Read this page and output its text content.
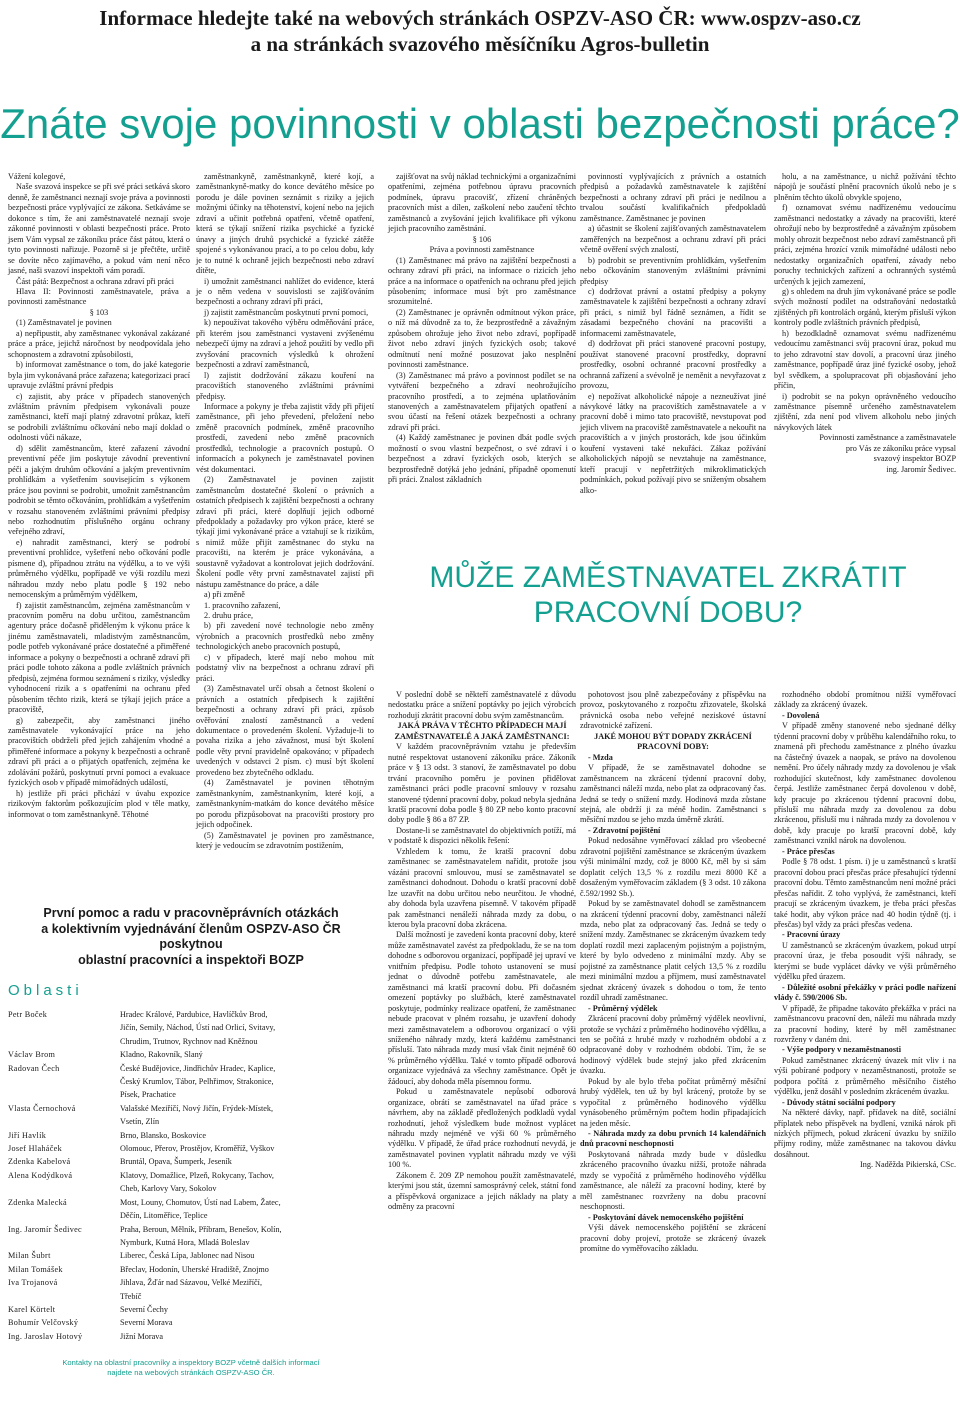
Informace hledejte také na webových stránkách OSPZV-ASO ČR: www.ospzv-aso.cz
a na stránkách svazového měsíčníku Agros-bulletin
Znáte svoje povinnosti v oblasti bezpečnosti práce?

Vážení kolegové,

Naše svazová inspekce se při své práci setkává skoro denně, že zaměstnanci neznají svoje práva a povinnosti bezpečnosti práce vyplývající ze zákona. Setkáváme se dokonce s tím, že ani zaměstnavatelé neznají svoje zákonné povinnosti v oblasti bezpečnosti práce. Proto jsem Vám vypsal ze zákoníku práce část pátou, která o tyto povinnosti nařizuje. Pozorně si je přečtěte, určitě se dovíte něco zajímavého, a pokud vám není něco jasné, naši svazoví inspektoři vám poradí.

Část pátá: Bezpečnost a ochrana zdraví při práci

Hlava II: Povinnosti zaměstnavatele, práva a povinnosti zaměstnance

§ 103

(1) Zaměstnavatel je povinen

a) nepřipustit, aby zaměstnanec vykonával zakázané práce a práce, jejichž náročnost by neodpovídala jeho schopnostem a zdravotní způsobilosti,

b) informovat zaměstnance o tom, do jaké kategorie byla jim vykonávaná práce zařazena; kategorizaci prací upravuje zvláštní právní předpis

c) zajistit, aby práce v případech stanovených zvláštním právním předpisem vykonávali pouze zaměstnanci, kteří mají platný zdravotní průkaz, kteří se podrobili zvláštnímu očkování nebo mají doklad o odolnosti vůči nákaze,

d) sdělit zaměstnancům, které zařazení závodní preventivní péče jim poskytuje závodní preventivní péči a jakým druhům očkování a jakým preventivním prohlídkám a vyšetřením souvisejícím s výkonem práce jsou povinni se podrobit, umožnit zaměstnancům podrobit se těmto očkováním, prohlídkám a vyšetřením v rozsahu stanoveném zvláštními právními předpisy nebo rozhodnutím příslušného orgánu ochrany veřejného zdraví,

e) nahradit zaměstnanci, který se podrobí preventivní prohlídce, vyšetření nebo očkování podle písmene d), případnou ztrátu na výdělku, a to ve výši průměrného výdělku, popřípadě ve výši rozdílu mezi náhradou mzdy nebo platu podle § 192 nebo nemocenským a průměrným výdělkem,

f) zajistit zaměstnancům, zejména zaměstnancům v pracovním poměru na dobu určitou, zaměstnancům agentury práce dočasně přiděleným k výkonu práce k jinému zaměstnavateli, mladistvým zaměstnancům, podle potřeb vykonávané práce dostatečné a přiměřené informace a pokyny o bezpečnosti a ochraně zdraví při práci podle tohoto zákona a podle zvláštních právních předpisů, zejména formou seznámení s riziky, výsledky vyhodnocení rizik a s opatřeními na ochranu před působením těchto rizik, která se týkají jejich práce a pracoviště,

g) zabezpečit, aby zaměstnanci jiného zaměstnavatele vykonávající práce na jeho pracovištích obdrželi před jejich zahájením vhodné a přiměřené informace a pokyny k bezpečnosti a ochraně zdraví při práci a o přijatých opatřeních, zejména ke zdolávání požárů, poskytnutí první pomoci a evakuace fyzických osob v případě mimořádných událostí,

h) jestliže při práci přichází v úvahu expozice rizikovým faktorům poškozujícím plod v těle matky, informovat o tom zaměstnankyně. Těhotné

zaměstnankyně, zaměstnankyně, které kojí, a zaměstnankyně-matky do konce devátého měsíce po porodu je dále povinen seznámit s riziky a jejich možnými účinky na těhotenství, kojení nebo na jejich zdraví a učinit potřebná opatření, včetně opatření, která se týkají snížení rizika psychické a fyzické únavy a jiných druhů psychické a fyzické zátěže spojené s vykonávanou prací, a to po celou dobu, kdy je to nutné k ochraně jejich bezpečnosti nebo zdraví dítěte,

i) umožnit zaměstnanci nahlížet do evidence, která je o něm vedena v souvislosti se zajišťováním bezpečnosti a ochrany zdraví při práci,

j) zajistit zaměstnancům poskytnutí první pomoci,

k) nepoužívat takového výběru odměňování práce, při kterém jsou zaměstnanci vystaveni zvýšenému nebezpečí újmy na zdraví a jehož použití by vedlo při zvyšování pracovních výsledků k ohrožení bezpečnosti a zdraví zaměstnanců,

l) zajistit dodržování zákazu kouření na pracovištích stanoveného zvláštními právními předpisy.

Informace a pokyny je třeba zajistit vždy při přijetí zaměstnance, při jeho převedení, přeložení nebo změně pracovních podmínek, změně pracovního prostředí, zavedení nebo změně pracovních prostředků, technologie a pracovních postupů. O informacích a pokynech je zaměstnavatel povinen vést dokumentaci.

(2) Zaměstnavatel je povinen zajistit zaměstnancům dostatečné školení o právních a ostatních předpisech k zajištění bezpečnosti a ochrany zdraví při práci, které doplňují jejich odborné předpoklady a požadavky pro výkon práce, které se týkají jimi vykonávané práce a vztahují se k rizikům, s nimiž může přijít zaměstnanec do styku na pracovišti, na kterém je práce vykonávána, a soustavně vyžadovat a kontrolovat jejich dodržování. Školení podle věty první zaměstnavatel zajistí při nástupu zaměstnance do práce, a dále

a) při změně

1. pracovního zařazení,

2. druhu práce,

b) při zavedení nové technologie nebo změny výrobních a pracovních prostředků nebo změny technologických anebo pracovních postupů,

c) v případech, které mají nebo mohou mít podstatný vliv na bezpečnost a ochranu zdraví při práci.

(3) Zaměstnavatel určí obsah a četnost školení o právních a ostatních předpisech k zajištění bezpečnosti a ochrany zdraví při práci, způsob ověřování znalostí zaměstnanců a vedení dokumentace o provedeném školení. Vyžaduje-li to povaha rizika a jeho závažnost, musí být školení podle věty první pravidelně opakováno; v případech uvedených v odstavci 2 písm. c) musí být školení provedeno bez zbytečného odkladu.

(4) Zaměstnavatel je povinen těhotným zaměstnankyním, zaměstnankyním, které kojí, a zaměstnankyním-matkám do konce devátého měsíce po porodu přizpůsobovat na pracovišti prostory pro jejich odpočinek.

(5) Zaměstnavatel je povinen pro zaměstnance, který je vedoucím se zdravotním postižením,

zajišťovat na svůj náklad technickými a organizačními opatřeními, zejména potřebnou úpravu pracovních podmínek, úpravu pracovišť, zřízení chráněných pracovních míst a dílen, zaškolení nebo zaučení těchto zaměstnanců a zvyšování jejich kvalifikace při výkonu jejich pracovního zaměstnání.

§ 106

Práva a povinnosti zaměstnance

(1) Zaměstnanec má právo na zajištění bezpečnosti a ochrany zdraví při práci, na informace o rizicích jeho práce a na informace o opatřeních na ochranu před jejich působením; informace musí být pro zaměstnance srozumitelné.

(2) Zaměstnanec je oprávněn odmítnout výkon práce, o níž má důvodně za to, že bezprostředně a závažným způsobem ohrožuje jeho život nebo zdraví, popřípadě život nebo zdraví jiných fyzických osob; takové odmítnutí není možné posuzovat jako nesplnění povinnosti zaměstnance.

(3) Zaměstnanec má právo a povinnost podílet se na vytváření bezpečného a zdraví neohrožujícího pracovního prostředí, a to zejména uplatňováním stanovených a zaměstnavatelem přijatých opatření a svou účastí na řešení otázek bezpečnosti a ochrany zdraví při práci.

(4) Každý zaměstnanec je povinen dbát podle svých možností o svou vlastní bezpečnost, o své zdraví i o bezpečnost a zdraví fyzických osob, kterých se bezprostředně dotýká jeho jednání, případně opomenutí při práci. Znalost základních

povinností vyplývajících z právních a ostatních předpisů a požadavků zaměstnavatele k zajištění bezpečnosti a ochrany zdraví při práci je nedílnou a trvalou součástí kvalifikačních předpokladů zaměstnance. Zaměstnanec je povinen

a) účastnit se školení zajišťovaných zaměstnavatelem zaměřených na bezpečnost a ochranu zdraví při práci včetně ověření svých znalostí,

b) podrobit se preventivním prohlídkám, vyšetřením nebo očkováním stanoveným zvláštními právními předpisy

c) dodržovat právní a ostatní předpisy a pokyny zaměstnavatele k zajištění bezpečnosti a ochrany zdraví při práci, s nimiž byl řádně seznámen, a řídit se zásadami bezpečného chování na pracovišti a informacemi zaměstnavatele,

d) dodržovat při práci stanovené pracovní postupy, používat stanovené pracovní prostředky, dopravní prostředky, osobní ochranné pracovní prostředky a ochranná zařízení a svévolně je neměnit a nevyřazovat z provozu,

e) nepožívat alkoholické nápoje a nezneužívat jiné návykové látky na pracovištích zaměstnavatele a v pracovní době i mimo tato pracoviště, nevstupovat pod jejich vlivem na pracoviště zaměstnavatele a nekouřit na pracovištích a v jiných prostorách, kde jsou účinkům kouření vystaveni také nekuřáci. Zákaz požívání alkoholických nápojů se nevztahuje na zaměstnance, kteří pracují v nepřetržitých mikroklimatických podmínkách, pokud požívají pivo se sníženým obsahem alko-

holu, a na zaměstnance, u nichž požívání těchto nápojů je součástí plnění pracovních úkolů nebo je s plněním těchto úkolů obvykle spojeno,

f) oznamovat svému nadřízenému vedoucímu zaměstnanci nedostatky a závady na pracovišti, které ohrožují nebo by bezprostředně a závažným způsobem mohly ohrozit bezpečnost nebo zdraví zaměstnanců při práci, zejména hrozící vznik mimořádné události nebo nedostatky organizačních opatření, závady nebo poruchy technických zařízení a ochranných systémů určených k jejich zamezení,

g) s ohledem na druh jím vykonávané práce se podle svých možností podílet na odstraňování nedostatků zjištěných při kontrolách orgánů, kterým přísluší výkon kontroly podle zvláštních právních předpisů,

h) bezodkladně oznamovat svému nadřízenému vedoucímu zaměstnanci svůj pracovní úraz, pokud mu to jeho zdravotní stav dovolí, a pracovní úraz jiného zaměstnance, popřípadě úraz jiné fyzické osoby, jehož byl svědkem, a spolupracovat při objasňování jeho příčin,

i) podrobit se na pokyn oprávněného vedoucího zaměstnance písemně určeného zaměstnavatelem zjištění, zda není pod vlivem alkoholu nebo jiných návykových látek

Povinnosti zaměstnance a zaměstnavatele

pro Vás ze zákoníku práce vypsal

svazový inspektor BOZP

ing. Jaromír Šedivec.

MŮŽE ZAMĚSTNAVATEL ZKRÁTIT PRACOVNÍ DOBU?

V poslední době se někteří zaměstnavatelé z důvodu nedostatku práce a snížení poptávky po jejich výrobcích rozhodují zkrátit pracovní dobu svým zaměstnancům.

JAKÁ PRÁVA V TĚCHTO PŘÍPADECH MAJÍ ZAMĚSTNAVATELÉ A JAKÁ ZAMĚSTNANCI:

V každém pracovněprávním vztahu je především nutné respektovat ustanovení zákoníku práce. Zákoník práce v § 13 odst. 3 stanoví, že zaměstnavatel po dobu trvání pracovního poměru je povinen přidělovat zaměstnanci práci podle pracovní smlouvy v rozsahu stanovené týdenní pracovní doby, pokud nebyla sjednána kratší pracovní doba podle § 80 ZP nebo konto pracovní doby podle § 86 a 87 ZP.

Dostane-li se zaměstnavatel do objektivních potíží, má v podstatě k dispozici několik řešení:

Vzhledem k tomu, že kratší pracovní dobu zaměstnanec se zaměstnavatelem nařídit, protože jsou vázáni pracovní smlouvou, musí se zaměstnavatel se zaměstnanci dohodnout. Dohodu o kratší pracovní době lze uzavřít na dobu určitou nebo neurčitou. Je vhodné, aby dohoda byla uzavřena písemně. V takovém případě pak zaměstnanci nenáleží náhrada mzdy za dobu, o kterou byla pracovní doba zkrácena.

Další možností je zavedení konta pracovní doby, které může zaměstnavatel zavést za předpokladu, že se na tom dohodne s odborovou organizací, popřípadě jej upraví ve vnitřním předpisu. Podle tohoto ustanovení se musí jednat o důvodně potřebu zaměstnavatele, ale zaměstnanci má kratší pracovní dobu. Při dočasném omezení poptávky po službách, které zaměstnavatel poskytuje, podmínky realizace opatření, že zaměstnanec nebude pracovat v plném rozsahu, je uzavření dohody mezi zaměstnavatelem a odborovou organizací o výši sníženého náhrady mzdy, která každému zaměstnanci přísluší. Tato náhrada mzdy musí však činit nejméně 60 % průměrného výdělku. Také v tomto případě odborová organizace vyjednává za všechny zaměstnance. Opět je žádoucí, aby dohoda měla písemnou formu.

Pokud u zaměstnavatele nepůsobí odborová organizace, obrátí se zaměstnavatel na úřad práce s návrhem, aby na základě předložených podkladů vydal rozhodnutí, jehož výsledkem bude možnost vyplácet náhradu mzdy nejméně ve výši 60 % průměrného výdělku. V případě, že úřad práce rozhodnutí nevydá, je zaměstnavatel povinen vyplatit náhradu mzdy ve výši 100 %.

Zákonem č. 209 ZP nemohou použít zaměstnavatelé, kterými jsou stát, územní samosprávný celek, státní fond a příspěvková organizace a jejich náklady na platy a odměny za pracovní

pohotovost jsou plně zabezpečovány z příspěvku na provoz, poskytovaného z rozpočtu zřizovatele, školská právnická osoba nebo veřejné neziskové ústavní zdravotnické zařízení.

JAKÉ MOHOU BÝT DOPADY ZKRÁCENÍ PRACOVNÍ DOBY:

- Mzda

V případě, že se zaměstnavatel dohodne se zaměstnancem na zkrácení týdenní pracovní doby, zaměstnanci náleží mzda, nebo plat za odpracovaný čas. Jedná se tedy o snížení mzdy. Hodinová mzda zůstane stejná, ale obdrží ji za méně hodin. Zaměstnanci s měsíční mzdou se jeho mzda úměrně zkrátí.

- Zdravotní pojištění

Pokud nedosáhne vyměřovací základ pro všeobecné zdravotní pojištění zaměstnance se zkráceným úvazkem výši minimální mzdy, což je 8000 Kč, měl by si sám doplatit celých 13,5 % z rozdílu mezi 8000 Kč a dosaženým vyměřovacím základem (§ 3 odst. 10 zákona č.592/1992 Sb.).

Pokud by se zaměstnavatel dohodl se zaměstnancem na zkrácení týdenní pracovní doby, zaměstnanci náleží mzda, nebo plat za odpracovaný čas. Jedná se tedy o snížení mzdy. Zaměstnanec se zkráceným úvazkem tedy doplatí rozdíl mezi zaplaceným pojistným a pojistným, které by bylo odvedeno z minimální mzdy. Aby se pojistné za zaměstnance platit celých 13,5 % z rozdílu mezi minimální mzdou a příjmem, musí zaměstnavatel sjednat zkrácený úvazek s dohodou o tom, že tento rozdíl uhradí zaměstnanec.

- Průměrný výdělek

Zkrácení pracovní doby průměrný výdělek neovlivní, protože se vychází z průměrného hodinového výdělku, a ten se počítá z hrubé mzdy v rozhodném období a z odpracované doby v rozhodném období. Tím, že se hodinový výdělek bude stejný jako před zkrácením úvazku.

Pokud by ale bylo třeba počítat průměrný měsíční hrubý výdělek, ten už by byl krácený, protože by se vypočítal z průměrného hodinového výdělku vynásobeného průměrným počtem hodin připadajících na jeden měsíc.

- Náhrada mzdy za dobu prvních 14 kalendářních dnů pracovní neschopnosti

Poskytovaná náhrada mzdy bude v důsledku zkráceného pracovního úvazku nižší, protože náhrada mzdy se vypočítá z průměrného hodinového výdělku zaměstnance, ale náleží za pracovní hodiny, které by měl zaměstnanec rozvrženy na dobu pracovní neschopnosti.

- Poskytování dávek nemocenského pojištění

Výši dávek nemocenského pojištění se zkrácení pracovní doby projeví, protože se zkrácený úvazek promítne do vyměřovacího základu.

rozhodného období promítnou nižší vyměřovací základy za zkrácený úvazek.

- Dovolená

V případě změny stanovené nebo sjednané délky týdenní pracovní doby v průběhu kalendářního roku, to znamená při přechodu zaměstnance z plného úvazku na částečný úvazek a naopak, se právo na dovolenou nemění. Pro účely náhrady mzdy za dovolenou je však rozhodující skutečnost, kdy zaměstnanec dovolenou čerpá. Jestliže zaměstnanec čerpá dovolenou v době, kdy pracuje po zkrácenou týdenní pracovní dobu, přísluší mu náhrada mzdy za dovolenou za dobu zkrácenou, přísluší mu i náhrada mzdy za dovolenou v době, kdy pracuje po kratší pracovní době, kdy zaměstnanci vznikl nárok na dovolenou.

- Práce přesčas

Podle § 78 odst. 1 písm. i) je u zaměstnanců s kratší pracovní dobou prací přesčas práce přesahující týdenní pracovní dobu. Těmto zaměstnancům není možné práci přesčas nařídit. Z toho vyplývá, že zaměstnanci, kteří pracují se zkráceným úvazkem, je třeba práci přesčas také hodit, aby výkon práce nad 40 hodin týdně (tj. i přesčas) byl vždy za práci přesčas vedena.

- Pracovní úrazy

U zaměstnanců se zkráceným úvazkem, pokud utrpí pracovní úraz, je třeba posoudit výši náhrady, se kterými se bude vyplácet dávky ve výši průměrného výdělku před úrazem.

- Důležité osobní překážky v práci podle nařízení vlády č. 590/2006 Sb.

V případě, že připadne takováto překážka v práci na zaměstnancovu pracovní den, náleží mu náhrada mzdy za pracovní hodiny, které by měl zaměstnanec rozvrženy v daném dni.

- Výše podpory v nezaměstnanosti

Pokud zaměstnanec zkrácený úvazek mít vliv i na výši pobírané podpory v nezaměstnanosti, protože se podpora počítá z průměrného měsíčního čistého výdělku, jenž dosáhl v posledním zkráceném úvazku.

- Důvody státní sociální podpory

Na některé dávky, např. přídavek na dítě, sociální příplatek nebo příspěvek na bydlení, vzniká nárok při nízkých příjmech, pokud zkrácení úvazku by snížilo příjmy rodiny, může zaměstnanec na takovou dávku dosáhnout.

Ing. Naděžda Pikierská, CSc.

První pomoc a radu v pracovněprávních otázkách
a kolektivním vyjednávání členům OSPZV-ASO ČR poskytnou
oblastní pracovníci a inspektoři BOZP
Oblasti
Petr Boček	Hradec Králové, Pardubice, Havlíčkův Brod,
Jičín, Semily, Náchod, Ústí nad Orlicí, Svitavy,
Chrudim, Trutnov, Rychnov nad Kněžnou
Václav Brom	Kladno, Rakovník, Slaný
Radovan Čech	České Budějovice, Jindřichův Hradec, Kaplice,
Český Krumlov, Tábor, Pelhřimov, Strakonice,
Písek, Prachatice
Vlasta Černochová	Valašské Meziříčí, Nový Jičín, Frýdek-Místek,
Vsetín, Zlín
Jiří Havlík	Brno, Blansko, Boskovice
Josef Hlaháček	Olomouc, Přerov, Prostějov, Kroměříž, Vyškov
Zdenka Kabelová	Bruntál, Opava, Šumperk, Jeseník
Alena Kodýdková	Klatovy, Domažlice, Plzeň, Rokycany, Tachov,
Cheb, Karlovy Vary, Sokolov
Zdenka Malecká	Most, Louny, Chomutov, Ústí nad Labem, Žatec,
Děčín, Litoměřice, Teplice
Ing. Jaromír Šedivec	Praha, Beroun, Mělník, Příbram, Benešov, Kolín,
Nymburk, Kutná Hora, Mladá Boleslav
Milan Šubrt	Liberec, Česká Lípa, Jablonec nad Nisou
Milan Tomášek	Břeclav, Hodonín, Uherské Hradiště, Znojmo
Iva Trojanová	Jihlava, Žďár nad Sázavou, Velké Meziříčí,
Třebíč
Karel Körtelt	Severní Čechy
Bohumír Velčovský	Severní Morava
Ing. Jaroslav Hotový	Jižní Morava
Kontakty na oblastní pracovníky a inspektory BOZP včetně dalších informací
najdete na webových stránkách OSPZV-ASO ČR.
